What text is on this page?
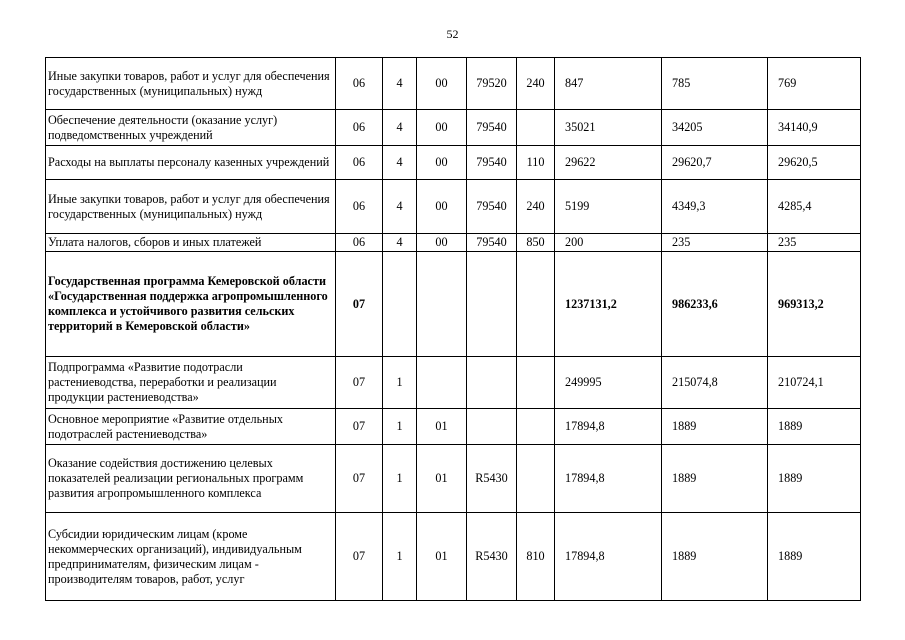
52
Иные закупки товаров, работ и услуг для обеспечения государственных (муниципальных) нужд	06	4	00	79520	240	847	785	769
Обеспечение деятельности (оказание услуг) подведомственных учреждений	06	4	00	79540		35021	34205	34140,9
Расходы на выплаты персоналу казенных учреждений	06	4	00	79540	110	29622	29620,7	29620,5
Иные закупки товаров, работ и услуг для обеспечения государственных (муниципальных) нужд	06	4	00	79540	240	5199	4349,3	4285,4
Уплата налогов, сборов и иных платежей	06	4	00	79540	850	200	235	235
Государственная программа Кемеровской области «Государственная поддержка агропромышленного комплекса и устойчивого развития сельских территорий в Кемеровской области»	07					1237131,2	986233,6	969313,2
Подпрограмма «Развитие подотрасли растениеводства, переработки и реализации продукции растениеводства»	07	1				249995	215074,8	210724,1
Основное мероприятие «Развитие отдельных подотраслей растениеводства»	07	1	01			17894,8	1889	1889
Оказание содействия достижению целевых показателей реализации региональных программ развития агропромышленного комплекса	07	1	01	R5430		17894,8	1889	1889
Субсидии юридическим лицам (кроме некоммерческих организаций), индивидуальным предпринимателям, физическим лицам - производителям товаров, работ, услуг	07	1	01	R5430	810	17894,8	1889	1889
